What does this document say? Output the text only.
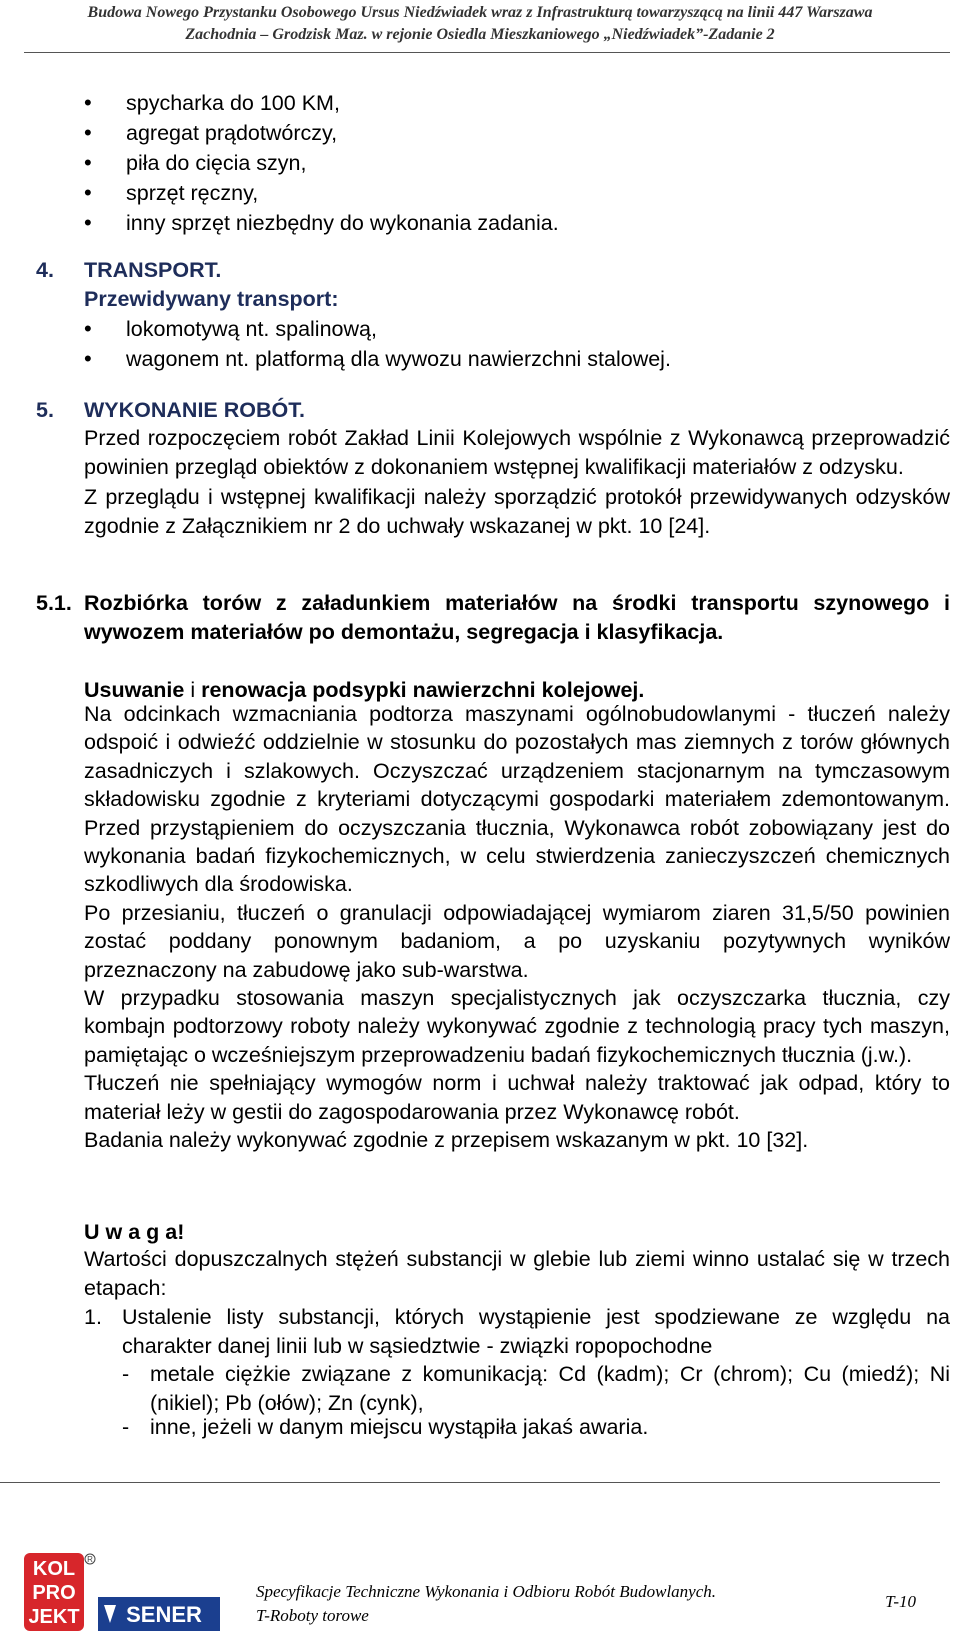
Budowa Nowego Przystanku Osobowego Ursus Niedźwiadek wraz z Infrastrukturą towarzyszącą na linii 447 Warszawa
Zachodnia – Grodzisk Maz. w rejonie Osiedla Mieszkaniowego „Niedźwiadek”-Zadanie 2
• spycharka do 100 KM,
• agregat prądotwórczy,
• piła do cięcia szyn,
• sprzęt ręczny,
• inny sprzęt niezbędny do wykonania zadania.
4. TRANSPORT.
Przewidywany transport:
• lokomotywą nt. spalinową,
• wagonem nt. platformą dla wywozu nawierzchni stalowej.
5. WYKONANIE ROBÓT.

Przed rozpoczęciem robót Zakład Linii Kolejowych wspólnie z Wykonawcą przeprowadzić powinien przegląd obiektów z dokonaniem wstępnej kwalifikacji materiałów z odzysku.

Z przeglądu i wstępnej kwalifikacji należy sporządzić protokół przewidywanych odzysków zgodnie z Załącznikiem nr 2 do uchwały wskazanej w pkt. 10 [24].

5.1. Rozbiórka torów z załadunkiem materiałów na środki transportu szynowego i wywozem materiałów po demontażu, segregacja i klasyfikacja.
Usuwanie i renowacja podsypki nawierzchni kolejowej.

Na odcinkach wzmacniania podtorza maszynami ogólnobudowlanymi - tłuczeń należy odspoić i odwieźć oddzielnie w stosunku do pozostałych mas ziemnych z torów głównych zasadniczych i szlakowych. Oczyszczać urządzeniem stacjonarnym na tymczasowym składowisku zgodnie z kryteriami dotyczącymi gospodarki materiałem zdemontowanym. Przed przystąpieniem do oczyszczania tłucznia, Wykonawca robót zobowiązany jest do wykonania badań fizykochemicznych, w celu stwierdzenia zanieczyszczeń chemicznych szkodliwych dla środowiska.

Po przesianiu, tłuczeń o granulacji odpowiadającej wymiarom ziaren 31,5/50 powinien zostać poddany ponownym badaniom, a po uzyskaniu pozytywnych wyników przeznaczony na zabudowę jako sub-warstwa.

W przypadku stosowania maszyn specjalistycznych jak oczyszczarka tłucznia, czy kombajn podtorzowy roboty należy wykonywać zgodnie z technologią pracy tych maszyn, pamiętając o wcześniejszym przeprowadzeniu badań fizykochemicznych tłucznia (j.w.).

Tłuczeń nie spełniający wymogów norm i uchwał należy traktować jak odpad, który to materiał leży w gestii do zagospodarowania przez Wykonawcę robót.

Badania należy wykonywać zgodnie z przepisem wskazanym w pkt. 10 [32].

U w a g a!
Wartości dopuszczalnych stężeń substancji w glebie lub ziemi winno ustalać się w trzech etapach:
1. Ustalenie listy substancji, których wystąpienie jest spodziewane ze względu na charakter danej linii lub w sąsiedztwie - związki ropopochodne
- metale ciężkie związane z komunikacją: Cd (kadm); Cr (chrom); Cu (miedź); Ni (nikiel); Pb (ołów); Zn (cynk),
- inne, jeżeli w danym miejscu wystąpiła jakaś awaria.
KOL
PRO
JEKT
R
SENER
Specyfikacje Techniczne Wykonania i Odbioru Robót Budowlanych.
T-Roboty torowe
T-10
